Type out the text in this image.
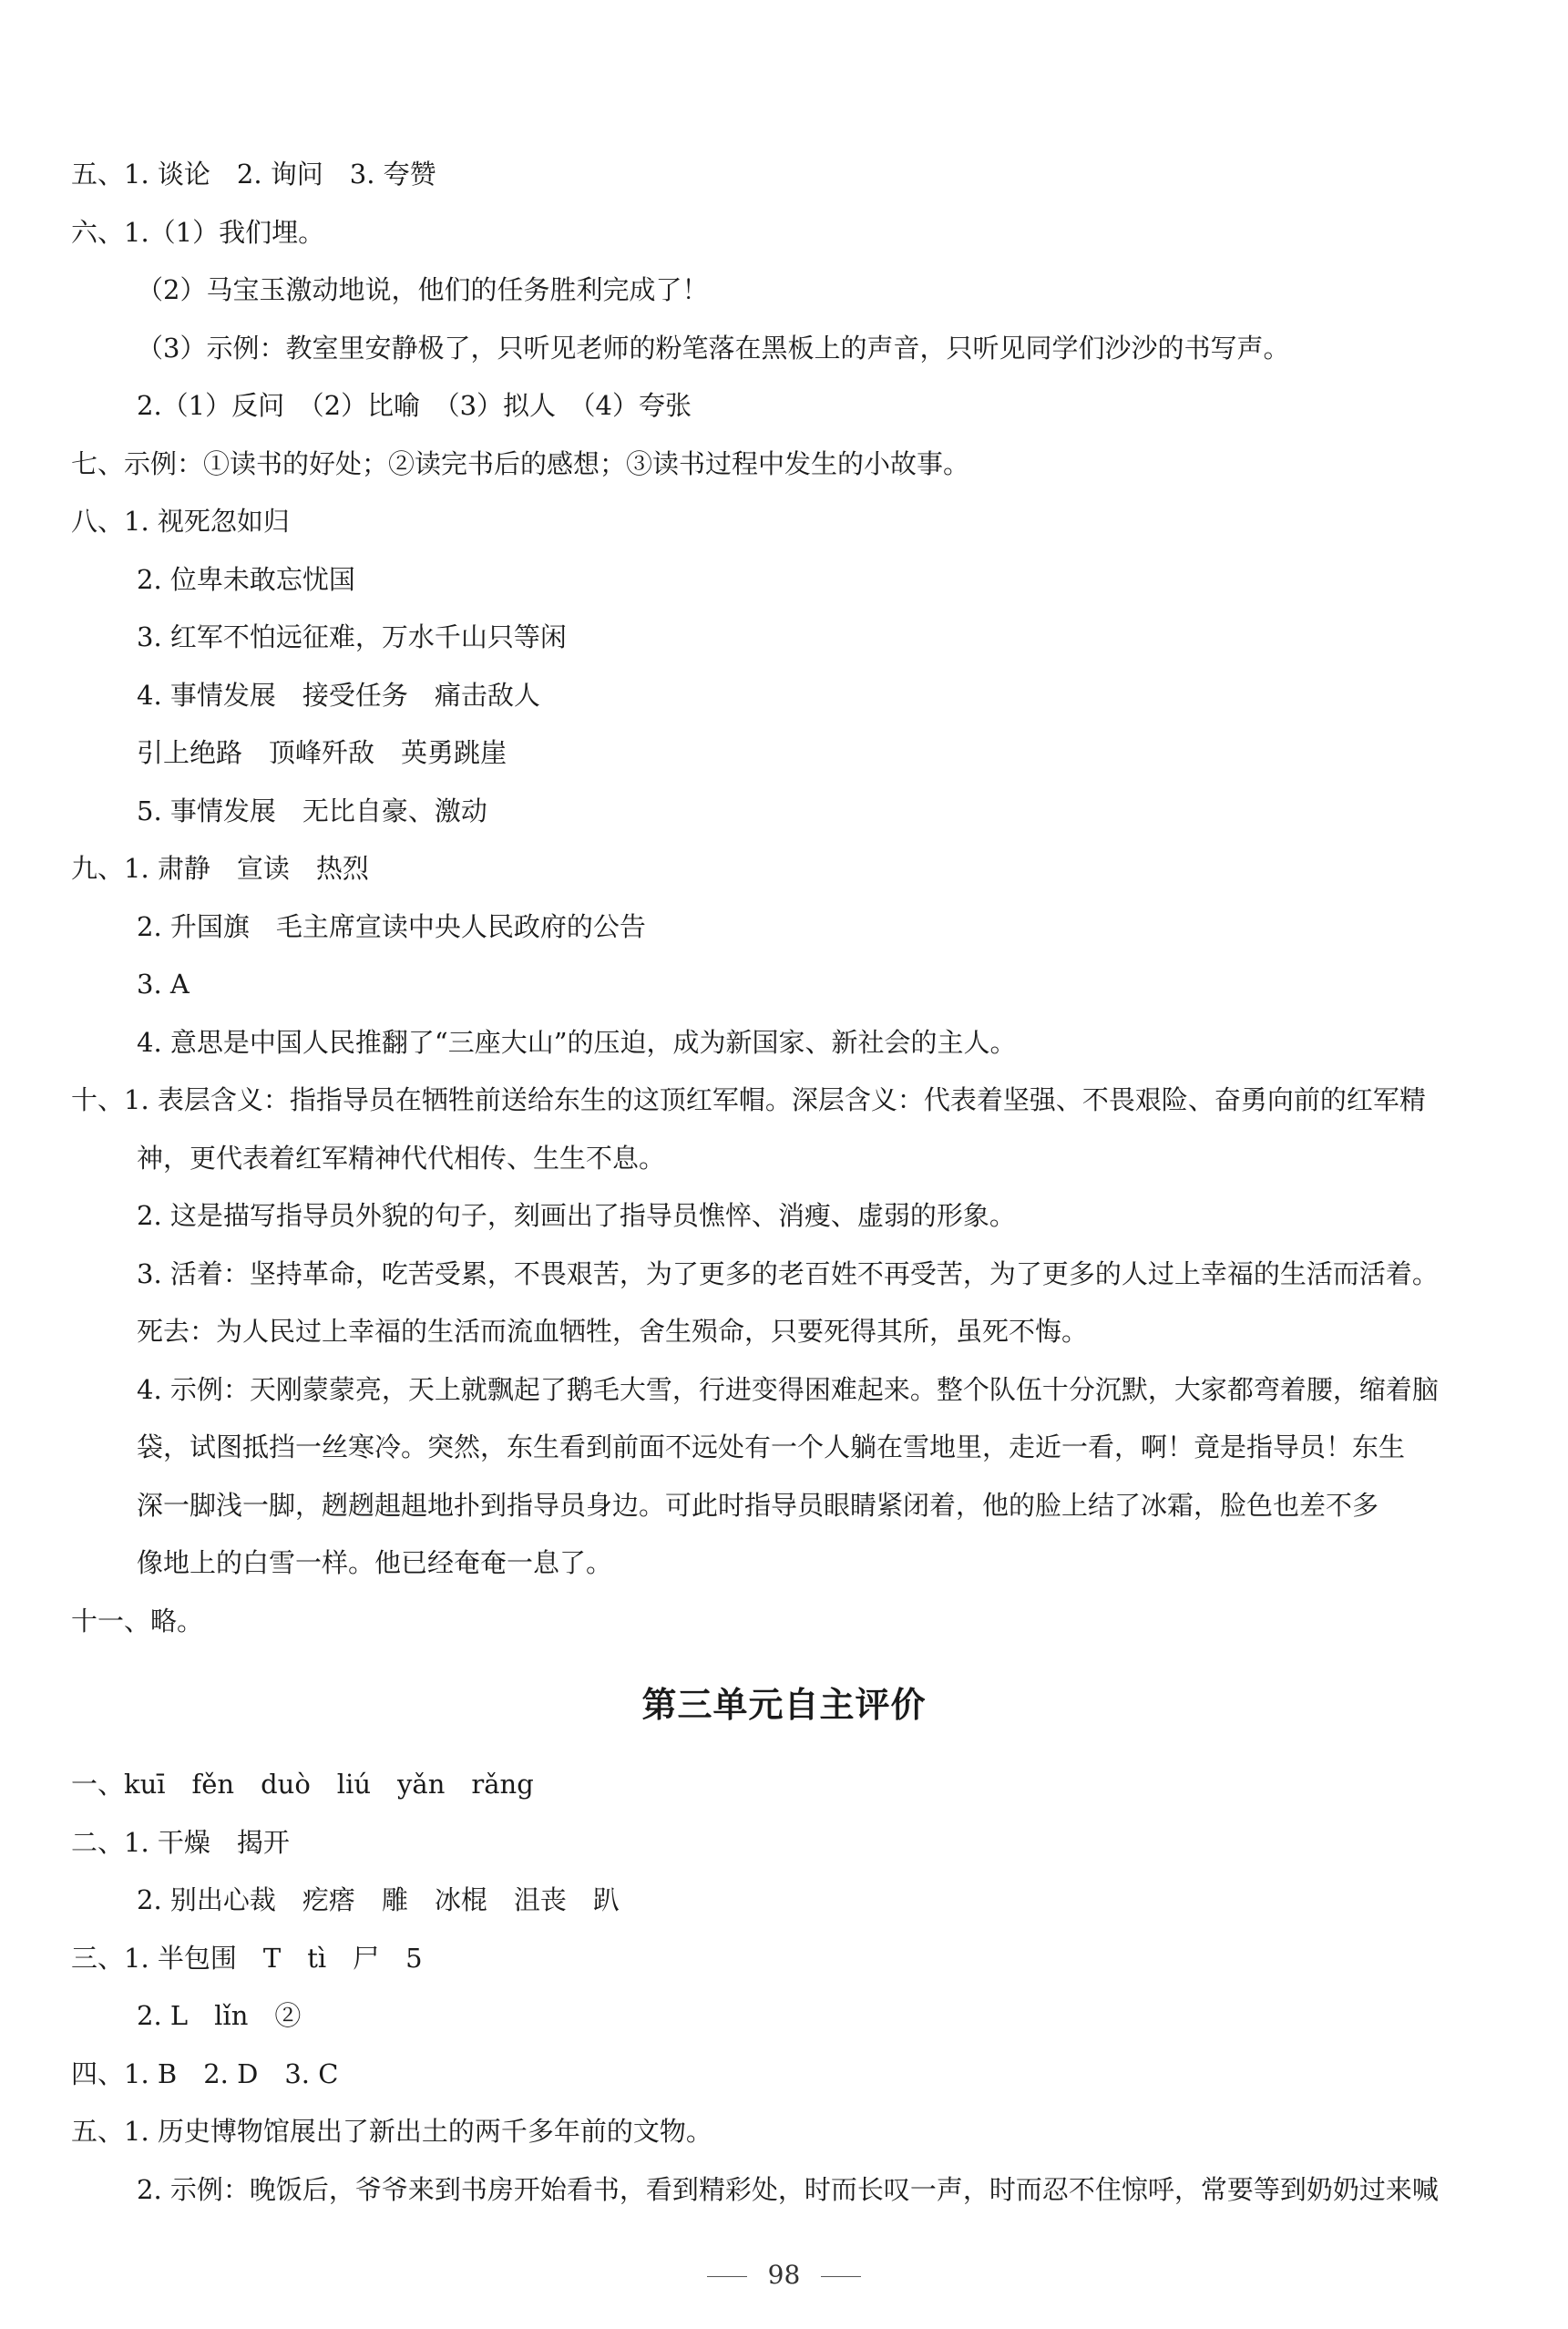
五、1. 谈论　2. 询问　3. 夸赞
六、1.（1）我们埋。
（2）马宝玉激动地说，他们的任务胜利完成了！
（3）示例：教室里安静极了，只听见老师的粉笔落在黑板上的声音，只听见同学们沙沙的书写声。
2.（1）反问　（2）比喻　（3）拟人　（4）夸张
七、示例：①读书的好处；②读完书后的感想；③读书过程中发生的小故事。
八、1. 视死忽如归
2. 位卑未敢忘忧国
3. 红军不怕远征难，万水千山只等闲
4. 事情发展　接受任务　痛击敌人
引上绝路　顶峰歼敌　英勇跳崖
5. 事情发展　无比自豪、激动
九、1. 肃静　宣读　热烈
2. 升国旗　毛主席宣读中央人民政府的公告
3. A
4. 意思是中国人民推翻了“三座大山”的压迫，成为新国家、新社会的主人。
十、1. 表层含义：指指导员在牺牲前送给东生的这顶红军帽。深层含义：代表着坚强、不畏艰险、奋勇向前的红军精
神，更代表着红军精神代代相传、生生不息。
2. 这是描写指导员外貌的句子，刻画出了指导员憔悴、消瘦、虚弱的形象。
3. 活着：坚持革命，吃苦受累，不畏艰苦，为了更多的老百姓不再受苦，为了更多的人过上幸福的生活而活着。
死去：为人民过上幸福的生活而流血牺牲，舍生殒命，只要死得其所，虽死不悔。
4. 示例：天刚蒙蒙亮，天上就飘起了鹅毛大雪，行进变得困难起来。整个队伍十分沉默，大家都弯着腰，缩着脑
袋，试图抵挡一丝寒冷。突然，东生看到前面不远处有一个人躺在雪地里，走近一看，啊！竟是指导员！东生
深一脚浅一脚，趔趔趄趄地扑到指导员身边。可此时指导员眼睛紧闭着，他的脸上结了冰霜，脸色也差不多
像地上的白雪一样。他已经奄奄一息了。
十一、略。
第三单元自主评价
一、kuī　fěn　duò　liú　yǎn　rǎng
二、1. 干燥　揭开
2. 别出心裁　疙瘩　雕　冰棍　沮丧　趴
三、1. 半包围　T　tì　尸　5
2. L　lǐn　②
四、1. B　2. D　3. C
五、1. 历史博物馆展出了新出土的两千多年前的文物。
2. 示例：晚饭后，爷爷来到书房开始看书，看到精彩处，时而长叹一声，时而忍不住惊呼，常要等到奶奶过来喊
98
